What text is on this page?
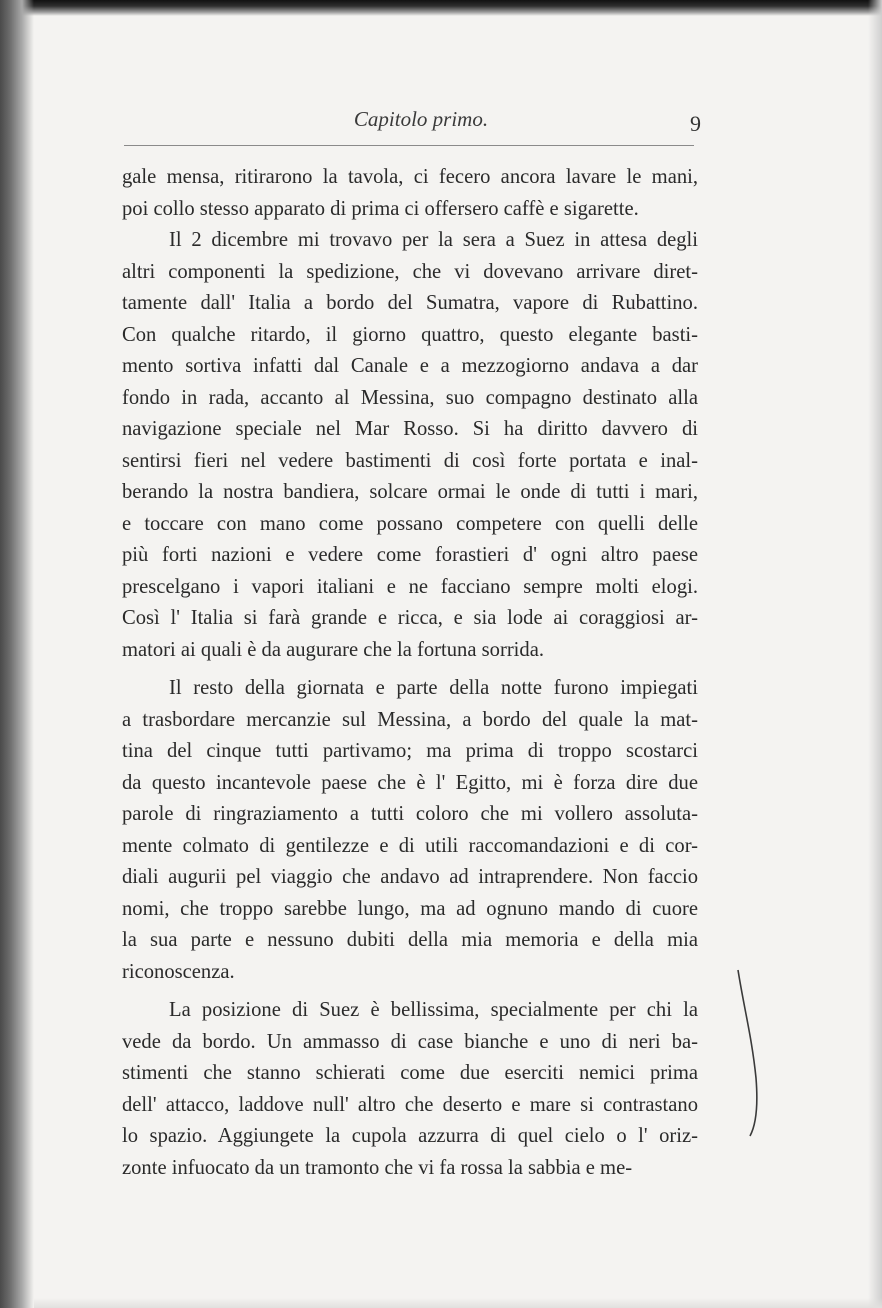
Capitolo primo.	9
gale mensa, ritirarono la tavola, ci fecero ancora lavare le mani,
poi collo stesso apparato di prima ci offersero caffè e sigarette.
Il 2 dicembre mi trovavo per la sera a Suez in attesa degli
altri componenti la spedizione, che vi dovevano arrivare diret-
tamente dall' Italia a bordo del Sumatra, vapore di Rubattino.
Con qualche ritardo, il giorno quattro, questo elegante basti-
mento sortiva infatti dal Canale e a mezzogiorno andava a dar
fondo in rada, accanto al Messina, suo compagno destinato alla
navigazione speciale nel Mar Rosso. Si ha diritto davvero di
sentirsi fieri nel vedere bastimenti di così forte portata e inal-
berando la nostra bandiera, solcare ormai le onde di tutti i mari,
e toccare con mano come possano competere con quelli delle
più forti nazioni e vedere come forastieri d' ogni altro paese
prescelgano i vapori italiani e ne facciano sempre molti elogi.
Così l' Italia si farà grande e ricca, e sia lode ai coraggiosi ar-
matori ai quali è da augurare che la fortuna sorrida.
Il resto della giornata e parte della notte furono impiegati
a trasbordare mercanzie sul Messina, a bordo del quale la mat-
tina del cinque tutti partivamo; ma prima di troppo scostarci
da questo incantevole paese che è l' Egitto, mi è forza dire due
parole di ringraziamento a tutti coloro che mi vollero assoluta-
mente colmato di gentilezze e di utili raccomandazioni e di cor-
diali augurii pel viaggio che andavo ad intraprendere. Non faccio
nomi, che troppo sarebbe lungo, ma ad ognuno mando di cuore
la sua parte e nessuno dubiti della mia memoria e della mia
riconoscenza.
La posizione di Suez è bellissima, specialmente per chi la
vede da bordo. Un ammasso di case bianche e uno di neri ba-
stimenti che stanno schierati come due eserciti nemici prima
dell' attacco, laddove null' altro che deserto e mare si contrastano
lo spazio. Aggiungete la cupola azzurra di quel cielo o l' oriz-
zonte infuocato da un tramonto che vi fa rossa la sabbia e me-
